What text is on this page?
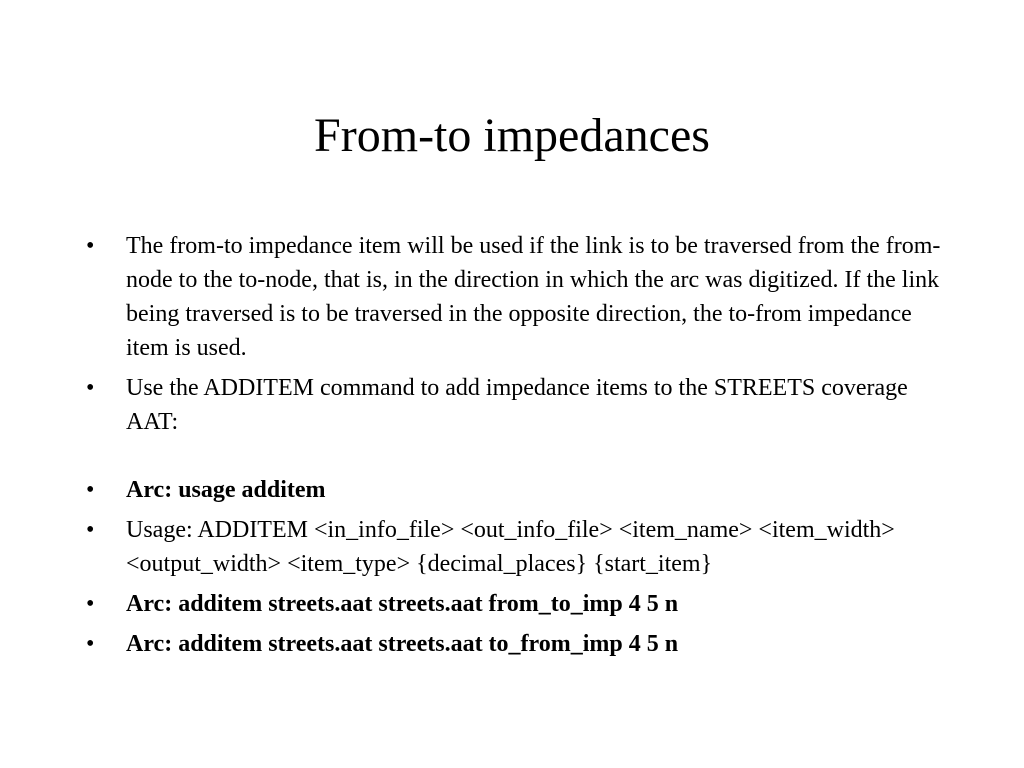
From-to impedances
• The from-to impedance item will be used if the link is to be traversed from the from-node to the to-node, that is, in the direction in which the arc was digitized. If the link being traversed is to be traversed in the opposite direction, the to-from impedance item is used.
• Use the ADDITEM command to add impedance items to the STREETS coverage AAT:
• Arc: usage additem
• Usage: ADDITEM <in_info_file> <out_info_file> <item_name> <item_width> <output_width> <item_type> {decimal_places} {start_item}
• Arc: additem streets.aat streets.aat from_to_imp 4 5 n
• Arc: additem streets.aat streets.aat to_from_imp 4 5 n
